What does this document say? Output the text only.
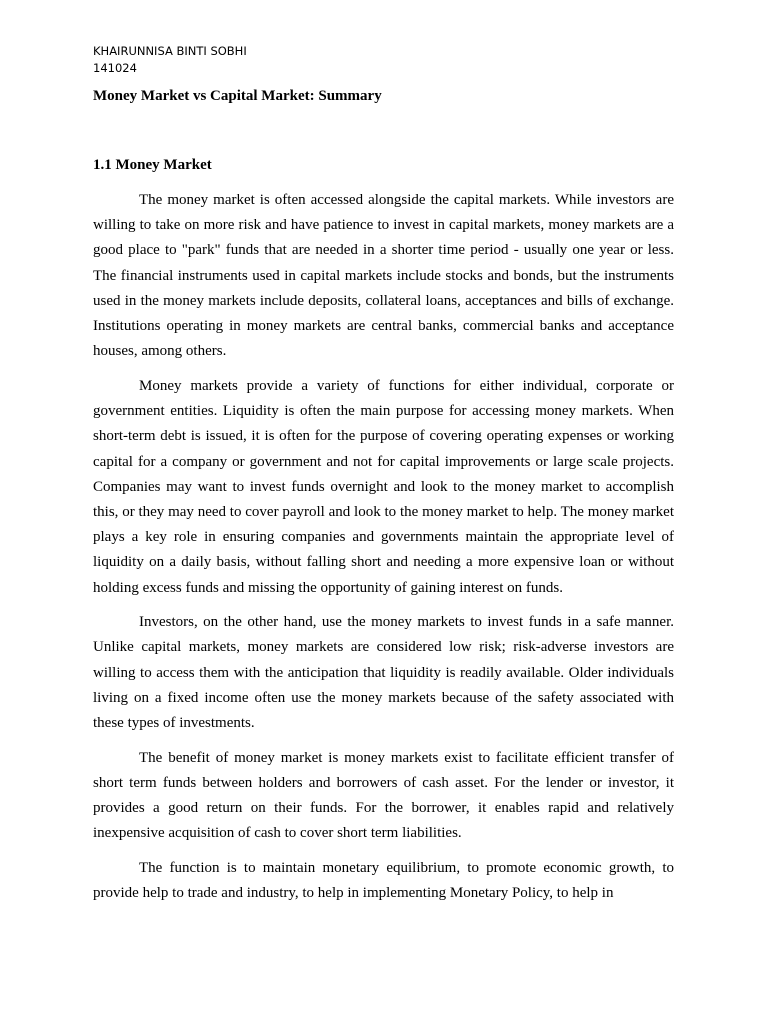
KHAIRUNNISA BINTI SOBHI
141024
Money Market vs Capital Market: Summary
1.1 Money Market

The money market is often accessed alongside the capital markets. While investors are willing to take on more risk and have patience to invest in capital markets, money markets are a good place to "park" funds that are needed in a shorter time period - usually one year or less. The financial instruments used in capital markets include stocks and bonds, but the instruments used in the money markets include deposits, collateral loans, acceptances and bills of exchange. Institutions operating in money markets are central banks, commercial banks and acceptance houses, among others.

Money markets provide a variety of functions for either individual, corporate or government entities. Liquidity is often the main purpose for accessing money markets. When short-term debt is issued, it is often for the purpose of covering operating expenses or working capital for a company or government and not for capital improvements or large scale projects. Companies may want to invest funds overnight and look to the money market to accomplish this, or they may need to cover payroll and look to the money market to help. The money market plays a key role in ensuring companies and governments maintain the appropriate level of liquidity on a daily basis, without falling short and needing a more expensive loan or without holding excess funds and missing the opportunity of gaining interest on funds.

Investors, on the other hand, use the money markets to invest funds in a safe manner. Unlike capital markets, money markets are considered low risk; risk-adverse investors are willing to access them with the anticipation that liquidity is readily available. Older individuals living on a fixed income often use the money markets because of the safety associated with these types of investments.

The benefit of money market is money markets exist to facilitate efficient transfer of short term funds between holders and borrowers of cash asset. For the lender or investor, it provides a good return on their funds. For the borrower, it enables rapid and relatively inexpensive acquisition of cash to cover short term liabilities.

The function is to maintain monetary equilibrium, to promote economic growth, to provide help to trade and industry, to help in implementing Monetary Policy, to help in
